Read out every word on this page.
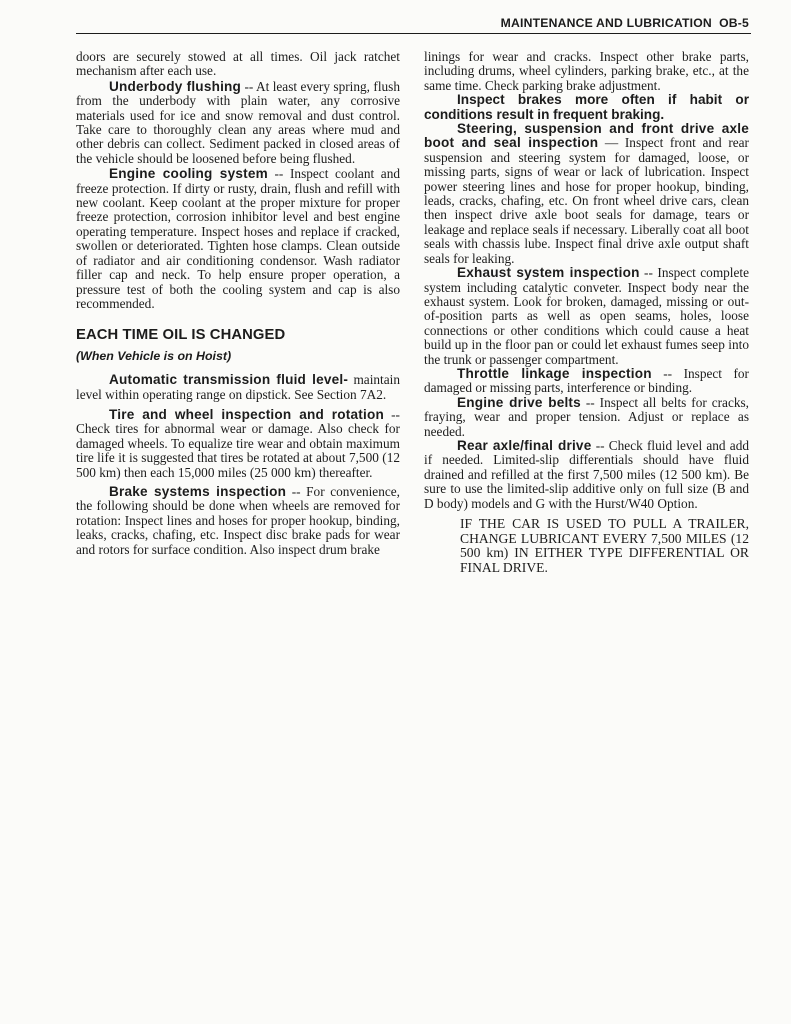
MAINTENANCE AND LUBRICATION OB-5

doors are securely stowed at all times. Oil jack ratchet mechanism after each use.

Underbody flushing -- At least every spring, flush from the underbody with plain water, any corrosive materials used for ice and snow removal and dust control. Take care to thoroughly clean any areas where mud and other debris can collect. Sediment packed in closed areas of the vehicle should be loosened before being flushed.

Engine cooling system -- Inspect coolant and freeze protection. If dirty or rusty, drain, flush and refill with new coolant. Keep coolant at the proper mixture for proper freeze protection, corrosion inhibitor level and best engine operating temperature. Inspect hoses and replace if cracked, swollen or deteriorated. Tighten hose clamps. Clean outside of radiator and air conditioning condensor. Wash radiator filler cap and neck. To help ensure proper operation, a pressure test of both the cooling system and cap is also recommended.

EACH TIME OIL IS CHANGED
(When Vehicle is on Hoist)

Automatic transmission fluid level- maintain level within operating range on dipstick. See Section 7A2.

Tire and wheel inspection and rotation -- Check tires for abnormal wear or damage. Also check for damaged wheels. To equalize tire wear and obtain maximum tire life it is suggested that tires be rotated at about 7,500 (12 500 km) then each 15,000 miles (25 000 km) thereafter.

Brake systems inspection -- For convenience, the following should be done when wheels are removed for rotation: Inspect lines and hoses for proper hookup, binding, leaks, cracks, chafing, etc. Inspect disc brake pads for wear and rotors for surface condition. Also inspect drum brake

linings for wear and cracks. Inspect other brake parts, including drums, wheel cylinders, parking brake, etc., at the same time. Check parking brake adjustment.

Inspect brakes more often if habit or conditions result in frequent braking.

Steering, suspension and front drive axle boot and seal inspection — Inspect front and rear suspension and steering system for damaged, loose, or missing parts, signs of wear or lack of lubrication. Inspect power steering lines and hose for proper hookup, binding, leads, cracks, chafing, etc. On front wheel drive cars, clean then inspect drive axle boot seals for damage, tears or leakage and replace seals if necessary. Liberally coat all boot seals with chassis lube. Inspect final drive axle output shaft seals for leaking.

Exhaust system inspection -- Inspect complete system including catalytic conveter. Inspect body near the exhaust system. Look for broken, damaged, missing or out-of-position parts as well as open seams, holes, loose connections or other conditions which could cause a heat build up in the floor pan or could let exhaust fumes seep into the trunk or passenger compartment.

Throttle linkage inspection -- Inspect for damaged or missing parts, interference or binding.

Engine drive belts -- Inspect all belts for cracks, fraying, wear and proper tension. Adjust or replace as needed.

Rear axle/final drive -- Check fluid level and add if needed. Limited-slip differentials should have fluid drained and refilled at the first 7,500 miles (12 500 km). Be sure to use the limited-slip additive only on full size (B and D body) models and G with the Hurst/W40 Option.

IF THE CAR IS USED TO PULL A TRAILER, CHANGE LUBRICANT EVERY 7,500 MILES (12 500 km) IN EITHER TYPE DIFFERENTIAL OR FINAL DRIVE.
